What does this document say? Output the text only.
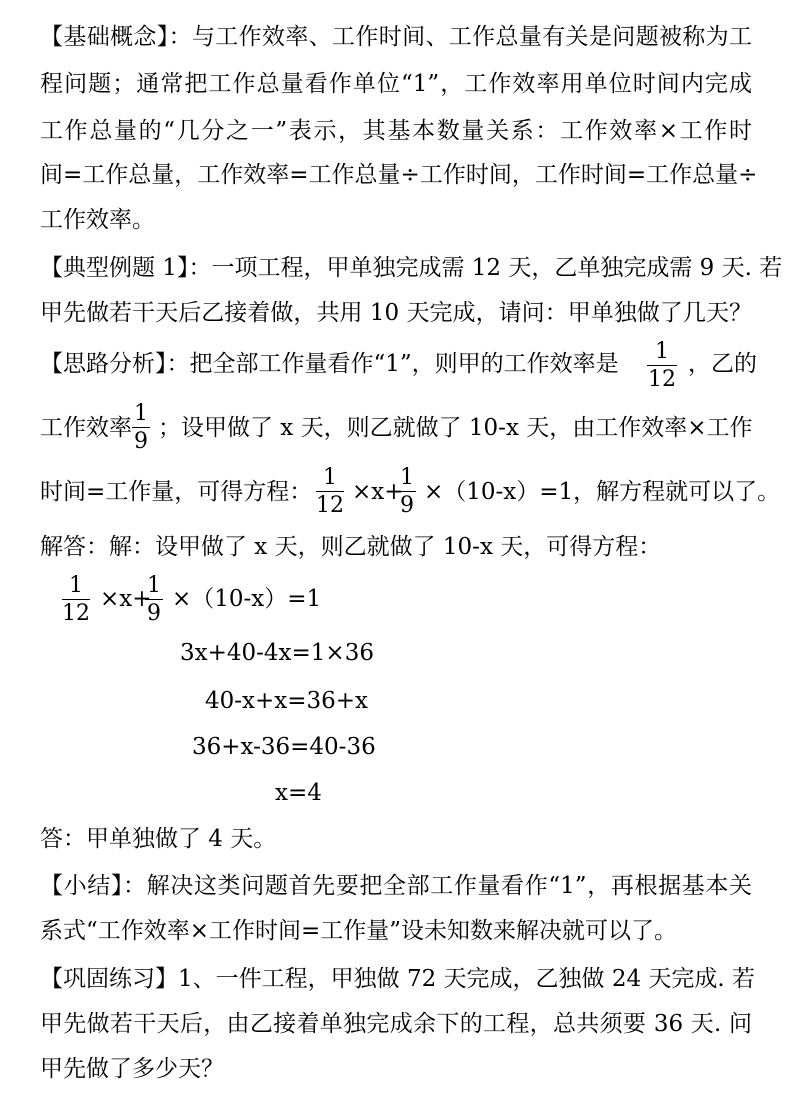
【基础概念】：与工作效率、工作时间、工作总量有关是问题被称为工
程问题；通常把工作总量看作单位“1”，工作效率用单位时间内完成
工作总量的“几分之一”表示，其基本数量关系：工作效率×工作时
间=工作总量，工作效率=工作总量÷工作时间，工作时间=工作总量÷
工作效率。
【典型例题 1】：一项工程，甲单独完成需 12 天，乙单独完成需 9 天. 若
甲先做若干天后乙接着做，共用 10 天完成，请问：甲单独做了几天？
【思路分析】：把全部工作量看作“1”，则甲的工作效率是	1
12
，乙的
工作效率
1
9
；设甲做了 x 天，则乙就做了 10-x 天，由工作效率×工作
时间=工作量，可得方程：
1
12
×x+
1
9
×（10-x）=1，解方程就可以了。
解答：解：设甲做了 x 天，则乙就做了 10-x 天，可得方程：
1
12
×x+
1
9
×（10-x）=1
3x+40-4x=1×36
40-x+x=36+x
36+x-36=40-36
x=4
答：甲单独做了 4 天。
【小结】：解决这类问题首先要把全部工作量看作“1”，再根据基本关
系式“工作效率×工作时间=工作量”设未知数来解决就可以了。
【巩固练习】1、一件工程，甲独做 72 天完成，乙独做 24 天完成. 若
甲先做若干天后，由乙接着单独完成余下的工程，总共须要 36 天. 问
甲先做了多少天？
